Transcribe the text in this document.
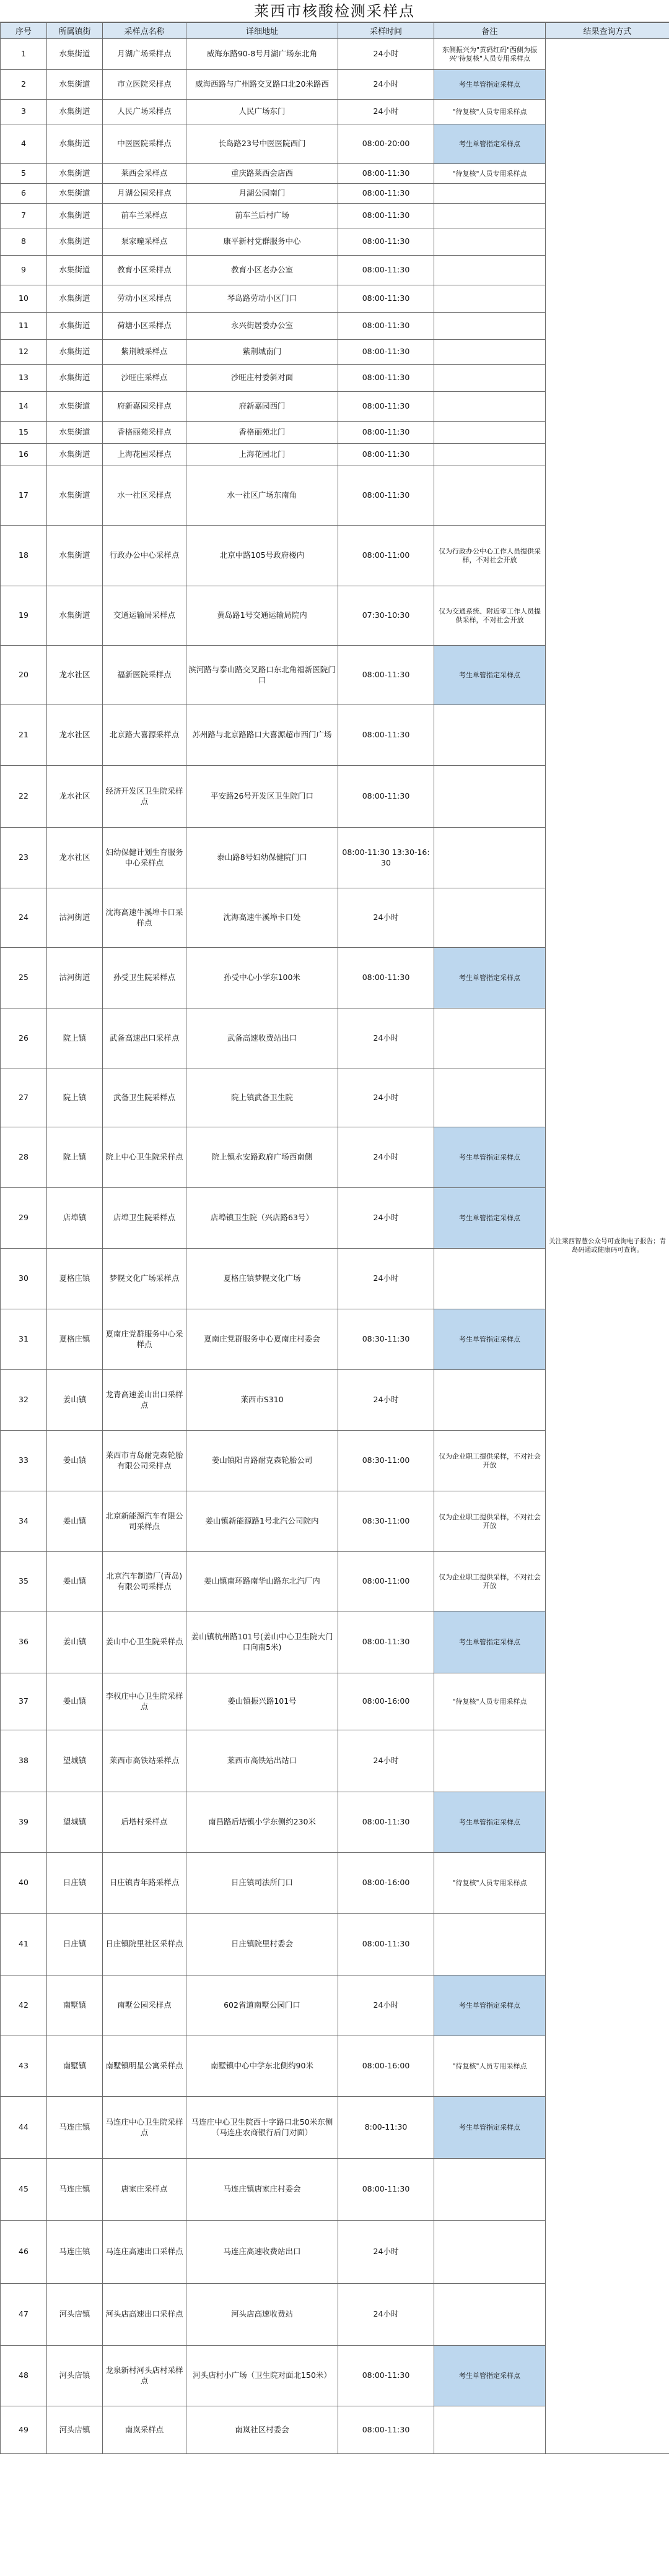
莱西市核酸检测采样点
序号	所属镇街	采样点名称	详细地址	采样时间	备注	结果查询方式
1	水集街道	月湖广场采样点	威海东路90-8号月湖广场东北角	24小时	东侧振兴为"黄码红码"西侧为振兴"待复核"人员专用采样点	关注莱西智慧公众号可查询电子报告；青岛码通或健康码可查询。
2	水集街道	市立医院采样点	威海西路与广州路交叉路口北20米路西	24小时	考生单管指定采样点	
3	水集街道	人民广场采样点	人民广场东门	24小时	"待复核"人员专用采样点	
4	水集街道	中医医院采样点	长岛路23号中医医院西门	08:00-20:00	考生单管指定采样点	
5	水集街道	莱西会采样点	重庆路莱西会店西	08:00-11:30	"待复核"人员专用采样点	
6	水集街道	月湖公园采样点	月湖公园南门	08:00-11:30		
7	水集街道	前车兰采样点	前车兰后村广场	08:00-11:30		
8	水集街道	泵家疃采样点	康平新村党群服务中心	08:00-11:30		
9	水集街道	教育小区采样点	教育小区老办公室	08:00-11:30		
10	水集街道	劳动小区采样点	琴岛路劳动小区门口	08:00-11:30		
11	水集街道	荷塘小区采样点	永兴街居委办公室	08:00-11:30		
12	水集街道	紫荆城采样点	紫荆城南门	08:00-11:30		
13	水集街道	沙旺庄采样点	沙旺庄村委斜对面	08:00-11:30		
14	水集街道	府新嘉园采样点	府新嘉园西门	08:00-11:30		
15	水集街道	香格丽苑采样点	香格丽苑北门	08:00-11:30		
16	水集街道	上海花园采样点	上海花园北门	08:00-11:30		
17	水集街道	水一社区采样点	水一社区广场东南角	08:00-11:30		
18	水集街道	行政办公中心采样点	北京中路105号政府楼内	08:00-11:00	仅为行政办公中心工作人员提供采样，不对社会开放	
19	水集街道	交通运输局采样点	黄岛路1号交通运输局院内	07:30-10:30	仅为交通系统、附近零工作人员提供采样，不对社会开放	
20	龙水社区	福新医院采样点	滨河路与泰山路交叉路口东北角福新医院门口	08:00-11:30	考生单管指定采样点	
21	龙水社区	北京路大喜源采样点	苏州路与北京路路口大喜源超市西门广场	08:00-11:30		
22	龙水社区	经济开发区卫生院采样点	平安路26号开发区卫生院门口	08:00-11:30		
23	龙水社区	妇幼保健计划生育服务中心采样点	泰山路8号妇幼保健院门口	08:00-11:30 13:30-16:30		
24	沽河街道	沈海高速牛溪埠卡口采样点	沈海高速牛溪埠卡口处	24小时		
25	沽河街道	孙受卫生院采样点	孙受中心小学东100米	08:00-11:30	考生单管指定采样点	
26	院上镇	武备高速出口采样点	武备高速收费站出口	24小时		
27	院上镇	武备卫生院采样点	院上镇武备卫生院	24小时		
28	院上镇	院上中心卫生院采样点	院上镇永安路政府广场西南侧	24小时	考生单管指定采样点	
29	店埠镇	店埠卫生院采样点	店埠镇卫生院（兴店路63号）	24小时	考生单管指定采样点	
30	夏格庄镇	梦幌文化广场采样点	夏格庄镇梦幌文化广场	24小时		
31	夏格庄镇	夏南庄党群服务中心采样点	夏南庄党群服务中心夏南庄村委会	08:30-11:30	考生单管指定采样点	
32	姜山镇	龙青高速姜山出口采样点	莱西市S310	24小时		
33	姜山镇	莱西市青岛耐克森轮胎有限公司采样点	姜山镇阳青路耐克森轮胎公司	08:30-11:00	仅为企业职工提供采样，不对社会开放	
34	姜山镇	北京新能源汽车有限公司采样点	姜山镇新能源路1号北汽公司院内	08:30-11:00	仅为企业职工提供采样，不对社会开放	
35	姜山镇	北京汽车制造厂(青岛)有限公司采样点	姜山镇南环路南华山路东北汽厂内	08:00-11:00	仅为企业职工提供采样，不对社会开放	
36	姜山镇	姜山中心卫生院采样点	姜山镇杭州路101号(姜山中心卫生院大门口向南5米)	08:00-11:30	考生单管指定采样点	
37	姜山镇	李权庄中心卫生院采样点	姜山镇振兴路101号	08:00-16:00	"待复核"人员专用采样点	
38	望城镇	莱西市高铁站采样点	莱西市高铁站出站口	24小时		
39	望城镇	后塔村采样点	南昌路后塔镇小学东侧约230米	08:00-11:30	考生单管指定采样点	
40	日庄镇	日庄镇青年路采样点	日庄镇司法所门口	08:00-16:00	"待复核"人员专用采样点	
41	日庄镇	日庄镇院里社区采样点	日庄镇院里村委会	08:00-11:30		
42	南墅镇	南墅公园采样点	602省道南墅公园门口	24小时	考生单管指定采样点	
43	南墅镇	南墅镇明星公寓采样点	南墅镇中心中学东北侧约90米	08:00-16:00	"待复核"人员专用采样点	
44	马连庄镇	马连庄中心卫生院采样点	马连庄中心卫生院西十字路口北50米东侧（马连庄农商银行后门对面）	8:00-11:30	考生单管指定采样点	
45	马连庄镇	唐家庄采样点	马连庄镇唐家庄村委会	08:00-11:30		
46	马连庄镇	马连庄高速出口采样点	马连庄高速收费站出口	24小时		
47	河头店镇	河头店高速出口采样点	河头店高速收费站	24小时		
48	河头店镇	龙泉新村河头店村采样点	河头店村小广场（卫生院对面北150米）	08:00-11:30	考生单管指定采样点	
49	河头店镇	南岚采样点	南岚社区村委会	08:00-11:30		
